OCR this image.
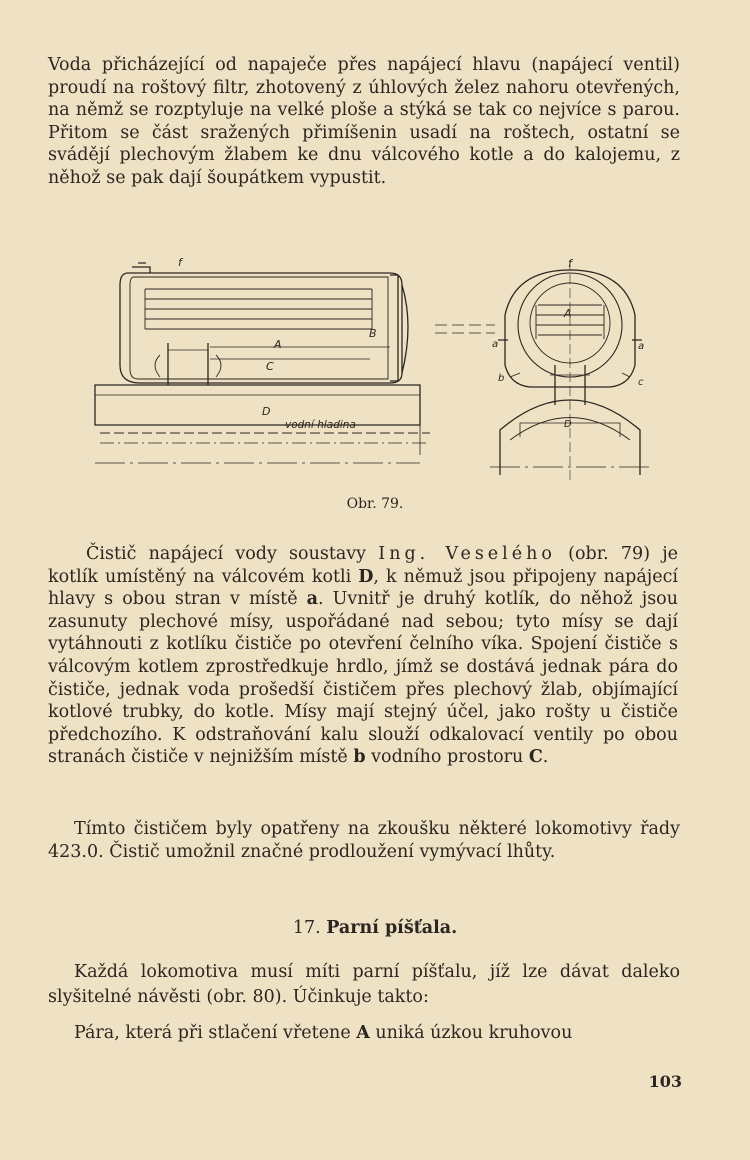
Voda přicházející od napaječe přes napájecí hlavu (napájecí ventil) proudí na roštový filtr, zhotovený z úhlových želez nahoru otevřených, na němž se rozptyluje na velké ploše a stýká se tak co nejvíce s parou. Přitom se část sražených přimíšenin usadí na roštech, ostatní se svádějí plechovým žlabem ke dnu válcového kotle a do kalojemu, z něhož se pak dají šoupátkem vypustit.

f
A
B
C
D
vodní hladina
f
A
a	a
b	c
D
Obr. 79.

Čistič napájecí vody soustavy Ing. Veselého (obr. 79) je kotlík umístěný na válcovém kotli D, k němuž jsou připojeny napájecí hlavy s obou stran v místě a. Uvnitř je druhý kotlík, do něhož jsou zasunuty plechové mísy, uspořádané nad sebou; tyto mísy se dají vytáhnouti z kotlíku čističe po otevření čelního víka. Spojení čističe s válcovým kotlem zprostředkuje hrdlo, jímž se dostává jednak pára do čističe, jednak voda prošedší čističem přes plechový žlab, objímající kotlové trubky, do kotle. Mísy mají stejný účel, jako rošty u čističe předchozího. K odstraňování kalu slouží odkalovací ventily po obou stranách čističe v nejnižším místě b vodního prostoru C.

Tímto čističem byly opatřeny na zkoušku některé lokomotivy řady 423.0. Čistič umožnil značné prodloužení vymývací lhůty.

17. Parní píšťala.

Každá lokomotiva musí míti parní píšťalu, jíž lze dávat daleko slyšitelné návěsti (obr. 80). Účinkuje takto:

Pára, která při stlačení vřetene A uniká úzkou kruhovou

103
